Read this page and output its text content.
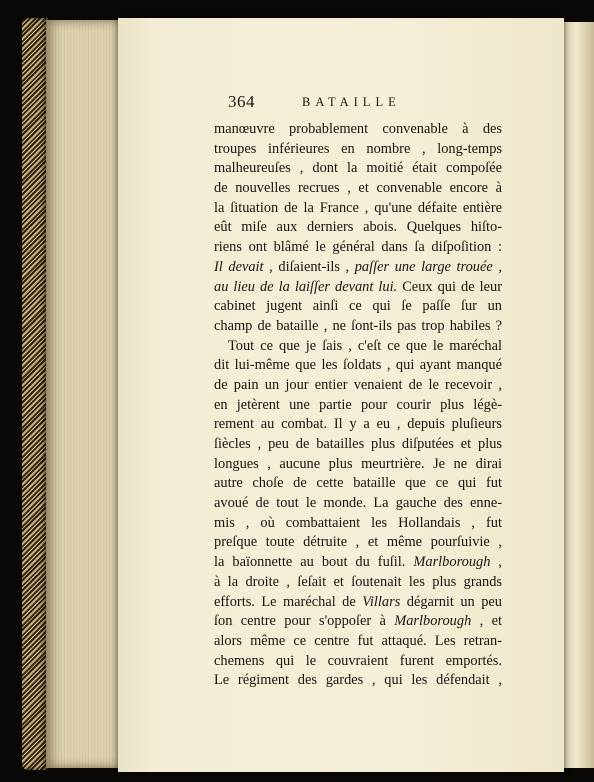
364	BATAILLE
manœuvre probablement convenable à des
troupes inférieures en nombre , long-temps
malheureuſes , dont la moitié était compoſée
de nouvelles recrues , et convenable encore à
la ſituation de la France , qu'une défaite entière
eût miſe aux derniers abois. Quelques hiſto-
riens ont blâmé le général dans ſa diſpoſition :
Il devait , diſaient-ils , paſſer une large trouée ,
au lieu de la laiſſer devant lui. Ceux qui de leur
cabinet jugent ainſi ce qui ſe paſſe ſur un
champ de bataille , ne ſont-ils pas trop habiles ?
Tout ce que je ſais , c'eſt ce que le maréchal
dit lui-même que les ſoldats , qui ayant manqué
de pain un jour entier venaient de le recevoir ,
en jetèrent une partie pour courir plus légè-
rement au combat. Il y a eu , depuis pluſieurs
ſiècles , peu de batailles plus diſputées et plus
longues , aucune plus meurtrière. Je ne dirai
autre choſe de cette bataille que ce qui fut
avoué de tout le monde. La gauche des enne-
mis , où combattaient les Hollandais , fut
preſque toute détruite , et même pourſuivie ,
la baïonnette au bout du fuſil. Marlborough ,
à la droite , ſeſait et ſoutenait les plus grands
efforts. Le maréchal de Villars dégarnit un peu
ſon centre pour s'oppoſer à Marlborough , et
alors même ce centre fut attaqué. Les retran-
chemens qui le couvraient furent emportés.
Le régiment des gardes , qui les défendait ,
